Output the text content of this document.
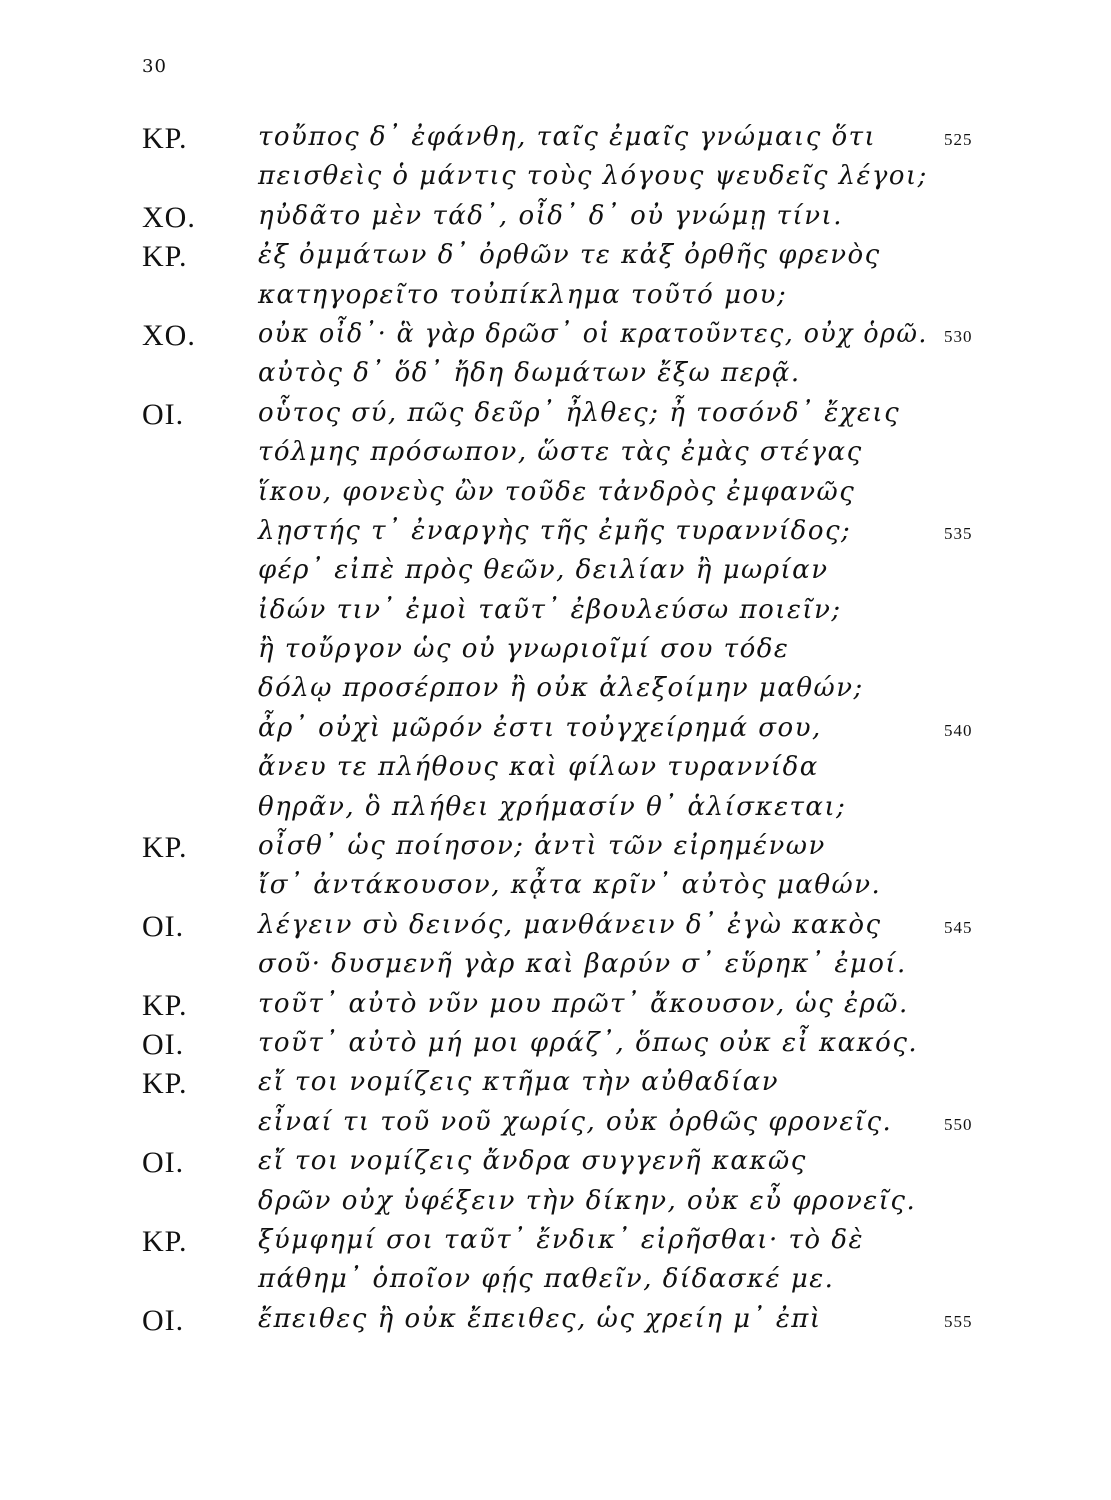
30
ΚΡ.	τοὔπος δ᾽ ἐφάνθη, ταῖς ἐμαῖς γνώμαις ὅτι	525
πεισθεὶς ὁ μάντις τοὺς λόγους ψευδεῖς λέγοι;
ΧΟ. ηὐδᾶτο μὲν τάδ᾽, οἶδ᾽ δ᾽ οὐ γνώμῃ τίνι.
ΚΡ.	ἐξ ὀμμάτων δ᾽ ὀρθῶν τε κἀξ ὀρθῆς φρενὸς
κατηγορεῖτο τοὐπίκλημα τοῦτό μου;
ΧΟ. οὐκ οἶδ᾽· ἃ γὰρ δρῶσ᾽ οἱ κρατοῦντες, οὐχ ὁρῶ. 530
αὐτὸς δ᾽ ὅδ᾽ ἤδη δωμάτων ἔξω περᾷ.
ΟΙ.	οὗτος σύ, πῶς δεῦρ᾽ ἦλθες; ἦ τοσόνδ᾽ ἔχεις
τόλμης πρόσωπον, ὥστε τὰς ἐμὰς στέγας
ἵκου, φονεὺς ὢν τοῦδε τἀνδρὸς ἐμφανῶς
λῃστής τ᾽ ἐναργὴς τῆς ἐμῆς τυραννίδος;	535
φέρ᾽ εἰπὲ πρὸς θεῶν, δειλίαν ἢ μωρίαν
ἰδών τιν᾽ ἐμοὶ ταῦτ᾽ ἐβουλεύσω ποιεῖν;
ἢ τοὔργον ὡς οὐ γνωριοῖμί σου τόδε
δόλῳ προσέρπον ἢ οὐκ ἀλεξοίμην μαθών;
ἆρ᾽ οὐχὶ μῶρόν ἐστι τοὐγχείρημά σου,	540
ἄνευ τε πλήθους καὶ φίλων τυραννίδα
θηρᾶν, ὃ πλήθει χρήμασίν θ᾽ ἁλίσκεται;
ΚΡ.	οἶσθ᾽ ὡς ποίησον; ἀντὶ τῶν εἰρημένων
ἴσ᾽ ἀντάκουσον, κᾆτα κρῖν᾽ αὐτὸς μαθών.
ΟΙ.	λέγειν σὺ δεινός, μανθάνειν δ᾽ ἐγὼ κακὸς	545
σοῦ· δυσμενῆ γὰρ καὶ βαρύν σ᾽ εὕρηκ᾽ ἐμοί.
ΚΡ.	τοῦτ᾽ αὐτὸ νῦν μου πρῶτ᾽ ἄκουσον, ὡς ἐρῶ.
ΟΙ.	τοῦτ᾽ αὐτὸ μή μοι φράζ᾽, ὅπως οὐκ εἶ κακός.
ΚΡ.	εἴ τοι νομίζεις κτῆμα τὴν αὐθαδίαν
εἶναί τι τοῦ νοῦ χωρίς, οὐκ ὀρθῶς φρονεῖς.	550
ΟΙ.	εἴ τοι νομίζεις ἄνδρα συγγενῆ κακῶς
δρῶν οὐχ ὑφέξειν τὴν δίκην, οὐκ εὖ φρονεῖς.
ΚΡ.	ξύμφημί σοι ταῦτ᾽ ἔνδικ᾽ εἰρῆσθαι· τὸ δὲ
πάθημ᾽ ὁποῖον φῄς παθεῖν, δίδασκέ με.
ΟΙ.	ἔπειθες ἢ οὐκ ἔπειθες, ὡς χρείη μ᾽ ἐπὶ	555
